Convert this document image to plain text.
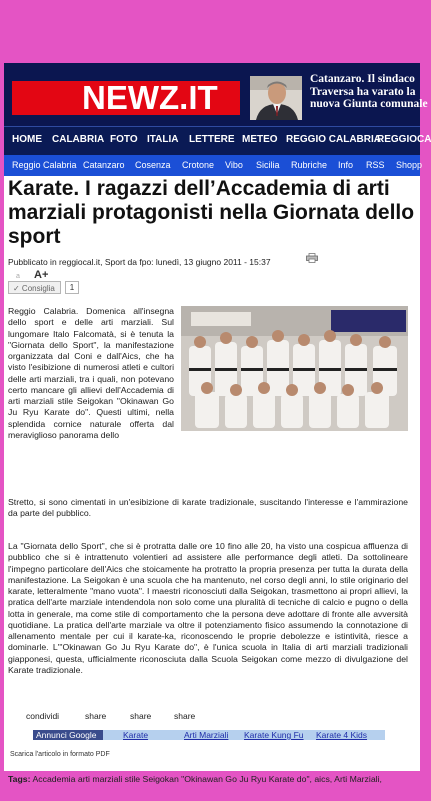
NEWZ.IT	Catanzaro. Il sindaco
Traversa ha varato la
nuova Giunta comunale
HOME CALABRIA FOTO ITALIA LETTERE METEO REGGIO CALABRIA
REGGIOCA
Reggio Calabria Catanzaro Cosenza Crotone Vibo Sicilia Rubriche Info RSS Shopp
Karate. I ragazzi dell’Accademia di arti marziali protagonisti nella Giornata dello sport
Pubblicato in reggiocal.it, Sport da fpo: lunedì, 13 giugno 2011 - 15:37
a A+
✓ Consiglia	1
Reggio Calabria. Domenica all'insegna dello sport e delle arti marziali. Sul lungomare Italo Falcomatà, si è tenuta la "Giornata dello Sport", la manifestazione organizzata dal Coni e dall'Aics, che ha visto l'esibizione di numerosi atleti e cultori delle arti marziali, tra i quali, non potevano certo mancare gli allievi dell'Accademia di arti marziali stile Seigokan "Okinawan Go Ju Ryu Karate do". Questi ultimi, nella splendida cornice naturale offerta dal meraviglioso panorama dello
Stretto, si sono cimentati in un'esibizione di karate tradizionale, suscitando l'interesse e l'ammirazione da parte del pubblico.
La "Giornata dello Sport", che si è protratta dalle ore 10 fino alle 20, ha visto una cospicua affluenza di pubblico che si è intrattenuto volentieri ad assistere alle performance degli atleti. Da sottolineare l'impegno particolare dell'Aics che stoicamente ha protratto la propria presenza per tutta la durata della manifestazione. La Seigokan è una scuola che ha mantenuto, nel corso degli anni, lo stile originario del karate, letteralmente "mano vuota". I maestri riconosciuti dalla Seigokan, trasmettono ai propri allievi, la pratica dell'arte marziale intendendola non solo come una pluralità di tecniche di calcio e pugno o della lotta in generale, ma come stile di comportamento che la persona deve adottare di fronte alle avversità quotidiane. La pratica dell'arte marziale va oltre il potenziamento fisico assumendo la connotazione di allenamento mentale per cui il karate-ka, riconoscendo le proprie debolezze e istintività, riesce a dominarle. L'"Okinawan Go Ju Ryu Karate do", è l'unica scuola in Italia di arti marziali tradizionali giapponesi, questa, ufficialmente riconosciuta dalla Scuola Seigokan come mezzo di divulgazione del Karate tradizionale.
condividi	share	share	share
Annunci Google	Karate	Arti Marziali Karate Kung Fu Karate 4 Kids
Scarica l'articolo in formato PDF
Tags: Accademia arti marziali stile Seigokan "Okinawan Go Ju Ryu Karate do", aics, Arti Marziali,
